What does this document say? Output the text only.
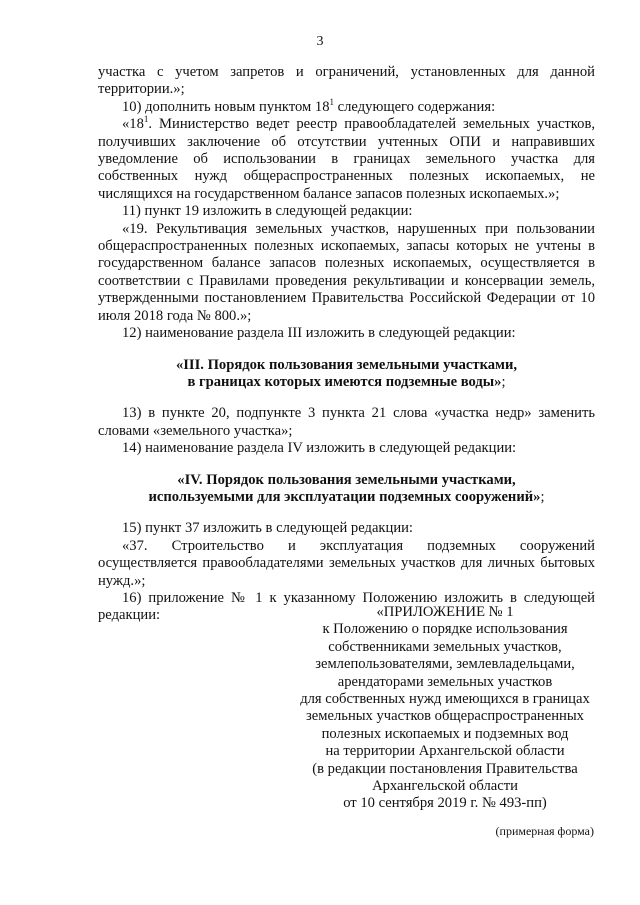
3

участка с учетом запретов и ограничений, установленных для данной территории.»;

10) дополнить новым пунктом $18^1$ следующего содержания:

«$18^1$. Министерство ведет реестр правообладателей земельных участков, получивших заключение об отсутствии учтенных ОПИ и направивших уведомление об использовании в границах земельного участка для собственных нужд общераспространенных полезных ископаемых, не числящихся на государственном балансе запасов полезных ископаемых.»;

11) пункт 19 изложить в следующей редакции:

«19. Рекультивация земельных участков, нарушенных при пользовании общераспространенных полезных ископаемых, запасы которых не учтены в государственном балансе запасов полезных ископаемых, осуществляется в соответствии с Правилами проведения рекультивации и консервации земель, утвержденными постановлением Правительства Российской Федерации от 10 июля 2018 года № 800.»;

12) наименование раздела III изложить в следующей редакции:

«III. Порядок пользования земельными участками,
в границах которых имеются подземные воды»;

13) в пункте 20, подпункте 3 пункта 21 слова «участка недр» заменить словами «земельного участка»;

14) наименование раздела IV изложить в следующей редакции:

«IV. Порядок пользования земельными участками,
используемыми для эксплуатации подземных сооружений»;

15) пункт 37 изложить в следующей редакции:

«37. Строительство и эксплуатация подземных сооружений осуществляется правообладателями земельных участков для личных бытовых нужд.»;

16) приложение № 1 к указанному Положению изложить в следующей редакции:	«ПРИЛОЖЕНИЕ № 1
к Положению о порядке использования
собственниками земельных участков,
землепользователями, землевладельцами,
арендаторами земельных участков
для собственных нужд имеющихся в границах
земельных участков общераспространенных
полезных ископаемых и подземных вод
на территории Архангельской области
(в редакции постановления Правительства
Архангельской области
от 10 сентября 2019 г. № 493-пп)
(примерная форма)
